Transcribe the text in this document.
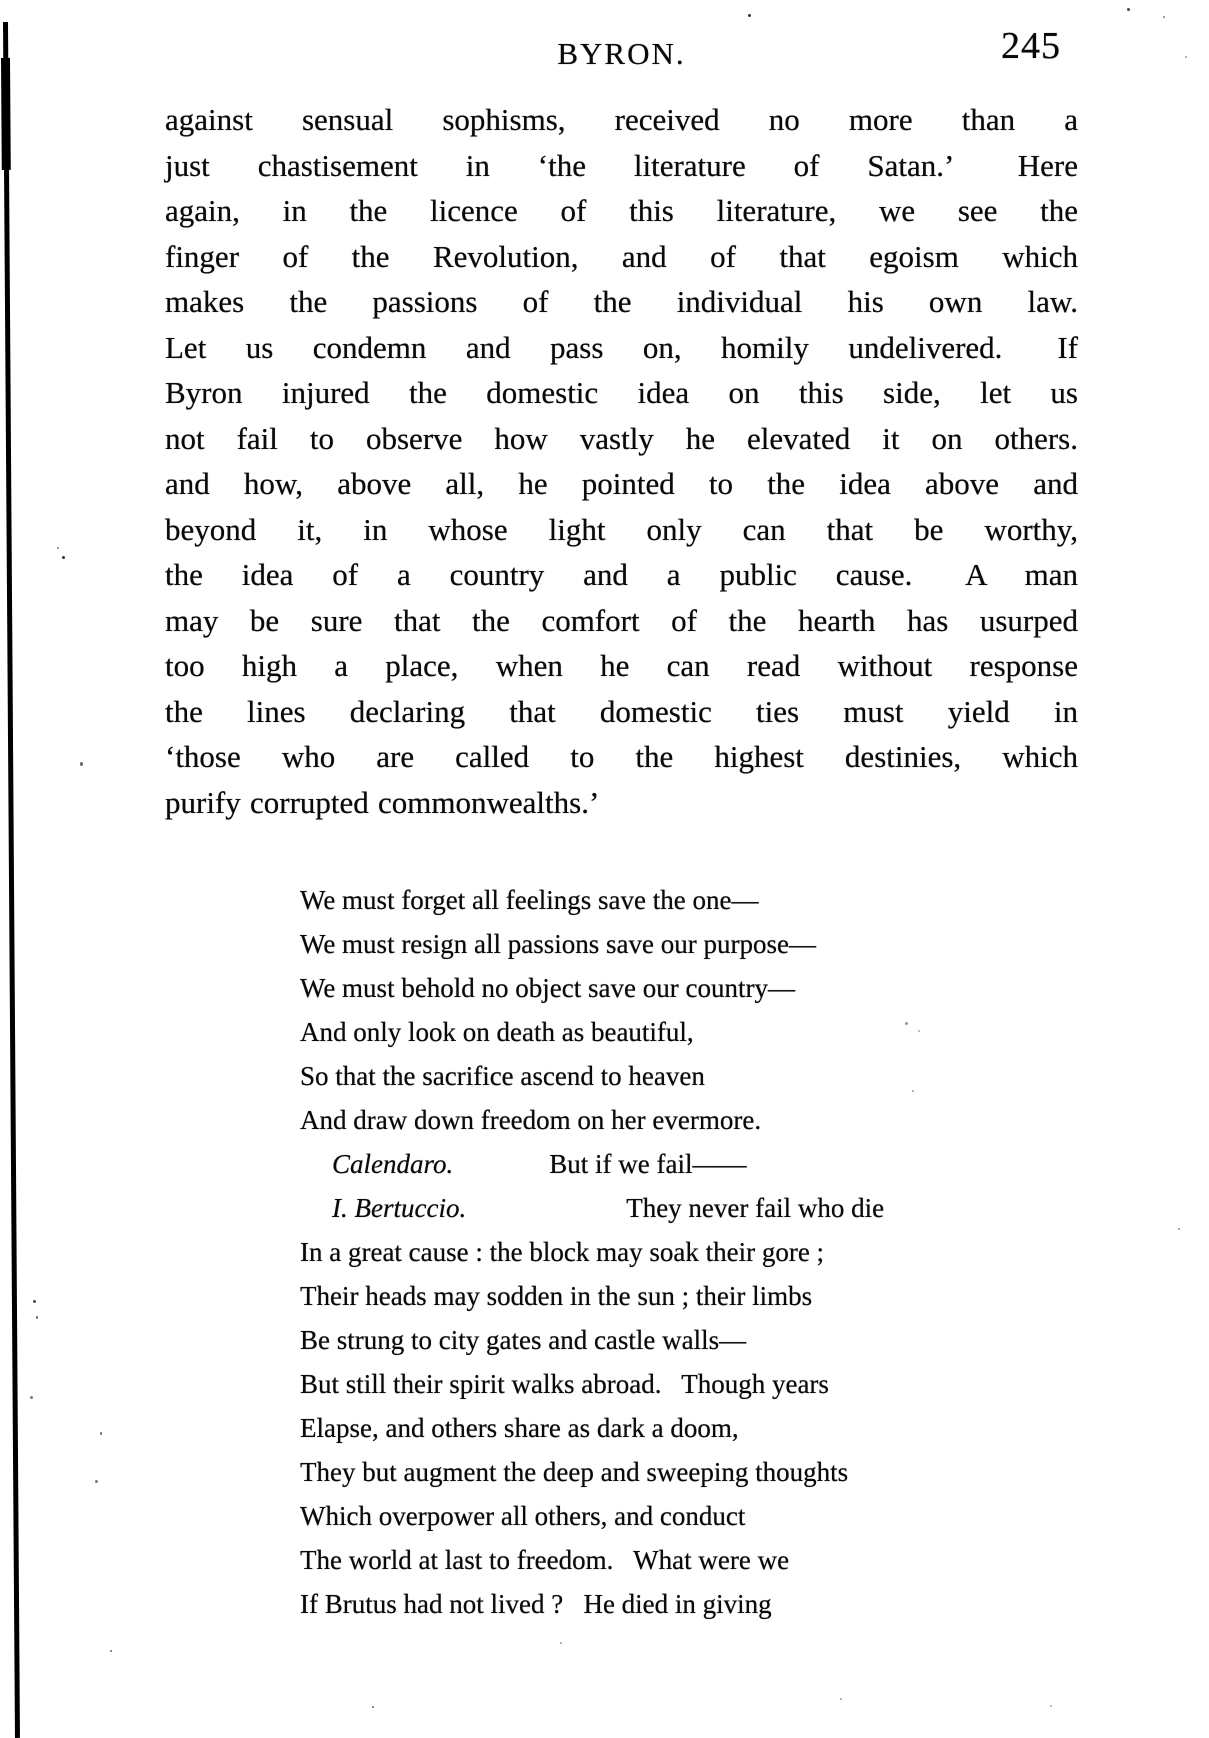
BYRON.	245
against sensual sophisms, received no more than a
just chastisement in ‘the literature of Satan.’  Here
again, in the licence of this literature, we see the
finger of the Revolution, and of that egoism which
makes the passions of the individual his own law.
Let us condemn and pass on, homily undelivered.  If
Byron injured the domestic idea on this side, let us
not fail to observe how vastly he elevated it on others.
and how, above all, he pointed to the idea above and
beyond it, in whose light only can that be worthy,
the idea of a country and a public cause.  A man
may be sure that the comfort of the hearth has usurped
too high a place, when he can read without response
the lines declaring that domestic ties must yield in
‘those who are called to the highest destinies, which
purify corrupted commonwealths.’
We must forget all feelings save the one—
We must resign all passions save our purpose—
We must behold no object save our country—
And only look on death as beautiful,
So that the sacrifice ascend to heaven
And draw down freedom on her evermore.
Calendaro.	But if we fail——
I. Bertuccio.	They never fail who die
In a great cause : the block may soak their gore ;
Their heads may sodden in the sun ; their limbs
Be strung to city gates and castle walls—
But still their spirit walks abroad.   Though years
Elapse, and others share as dark a doom,
They but augment the deep and sweeping thoughts
Which overpower all others, and conduct
The world at last to freedom.   What were we
If Brutus had not lived ?   He died in giving
